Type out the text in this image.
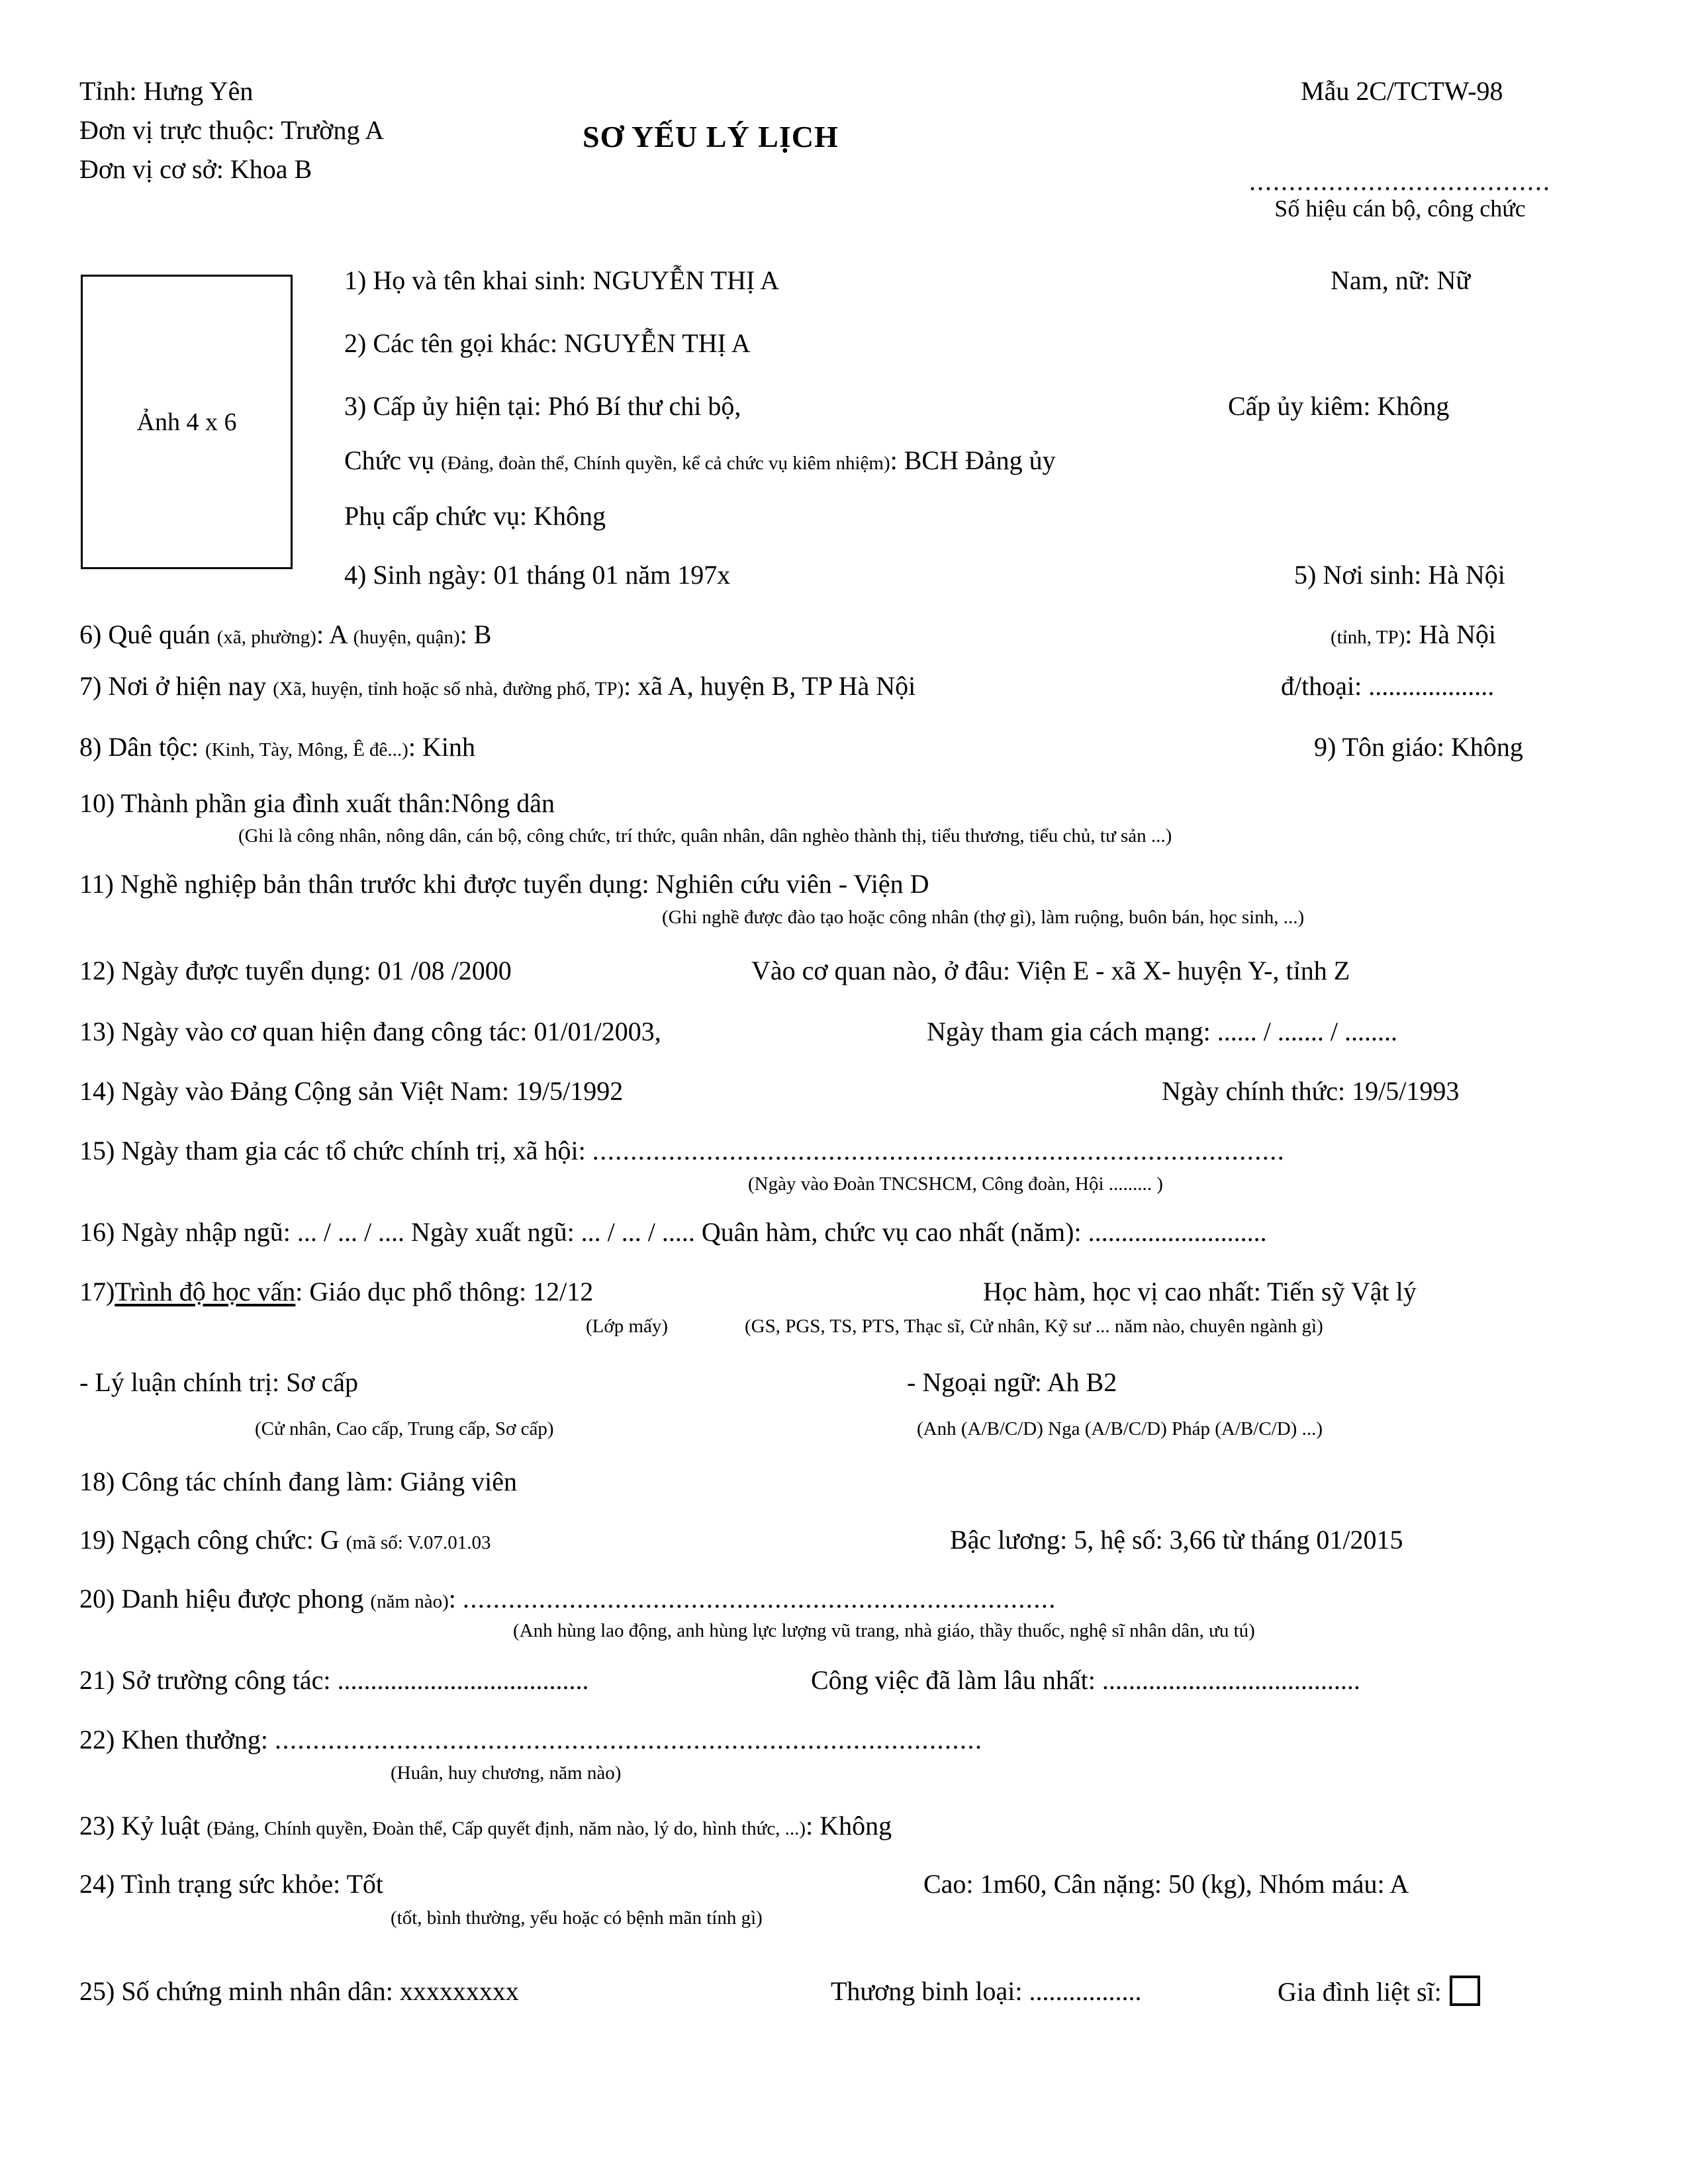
Tỉnh: Hưng Yên
Đơn vị trực thuộc: Trường A
Đơn vị cơ sở: Khoa B
SƠ YẾU LÝ LỊCH
Mẫu 2C/TCTW-98
......................................
Số hiệu cán bộ, công chức
Ảnh 4 x 6
1) Họ và tên khai sinh: NGUYỄN THỊ A	Nam, nữ: Nữ
2) Các tên gọi khác: NGUYỄN THỊ A
3) Cấp ủy hiện tại: Phó Bí thư chi bộ,	Cấp ủy kiêm: Không
Chức vụ (Đảng, đoàn thể, Chính quyền, kể cả chức vụ kiêm nhiệm): BCH Đảng ủy
Phụ cấp chức vụ: Không
4) Sinh ngày: 01 tháng 01 năm 197x	5) Nơi sinh: Hà Nội
6) Quê quán (xã, phường): A (huyện, quận): B	(tỉnh, TP): Hà Nội
7) Nơi ở hiện nay (Xã, huyện, tỉnh hoặc số nhà, đường phố, TP): xã A, huyện B, TP Hà Nội	đ/thoại: ...................
8) Dân tộc: (Kinh, Tày, Mông, Ê đê...): Kinh	9) Tôn giáo: Không
10) Thành phần gia đình xuất thân:Nông dân
(Ghi là công nhân, nông dân, cán bộ, công chức, trí thức, quân nhân, dân nghèo thành thị, tiểu thương, tiểu chủ, tư sản ...)
11) Nghề nghiệp bản thân trước khi được tuyển dụng: Nghiên cứu viên - Viện D
(Ghi nghề được đào tạo hoặc công nhân (thợ gì), làm ruộng, buôn bán, học sinh, ...)
12) Ngày được tuyển dụng: 01 /08 /2000	Vào cơ quan nào, ở đâu: Viện E - xã X- huyện Y-, tỉnh Z
13) Ngày vào cơ quan hiện đang công tác: 01/01/2003,	Ngày tham gia cách mạng: ...... / ....... / ........
14) Ngày vào Đảng Cộng sản Việt Nam: 19/5/1992	Ngày chính thức: 19/5/1993
15) Ngày tham gia các tổ chức chính trị, xã hội: ...........................................................................................
(Ngày vào Đoàn TNCSHCM, Công đoàn, Hội ......... )
16) Ngày nhập ngũ: ... / ... / .... Ngày xuất ngũ: ... / ... / ..... Quân hàm, chức vụ cao nhất (năm): ...........................
17)Trình độ học vấn: Giáo dục phổ thông: 12/12	Học hàm, học vị cao nhất: Tiến sỹ Vật lý
(Lớp mấy)	(GS, PGS, TS, PTS, Thạc sĩ, Cử nhân, Kỹ sư ... năm nào, chuyên ngành gì)
- Lý luận chính trị: Sơ cấp	- Ngoại ngữ: Ah B2
(Cử nhân, Cao cấp, Trung cấp, Sơ cấp)	(Anh (A/B/C/D) Nga (A/B/C/D) Pháp (A/B/C/D) ...)
18) Công tác chính đang làm: Giảng viên
19) Ngạch công chức: G (mã số: V.07.01.03	Bậc lương: 5, hệ số: 3,66 từ tháng 01/2015
20) Danh hiệu được phong (năm nào): ..............................................................................
(Anh hùng lao động, anh hùng lực lượng vũ trang, nhà giáo, thầy thuốc, nghệ sĩ nhân dân, ưu tú)
21) Sở trường công tác: ......................................	Công việc đã làm lâu nhất: .......................................
22) Khen thưởng: .............................................................................................
(Huân, huy chương, năm nào)
23) Kỷ luật (Đảng, Chính quyền, Đoàn thể, Cấp quyết định, năm nào, lý do, hình thức, ...): Không
24) Tình trạng sức khỏe: Tốt	Cao: 1m60, Cân nặng: 50 (kg), Nhóm máu: A
(tốt, bình thường, yếu hoặc có bệnh mãn tính gì)
25) Số chứng minh nhân dân: xxxxxxxxx	Thương binh loại: .................	Gia đình liệt sĩ:
